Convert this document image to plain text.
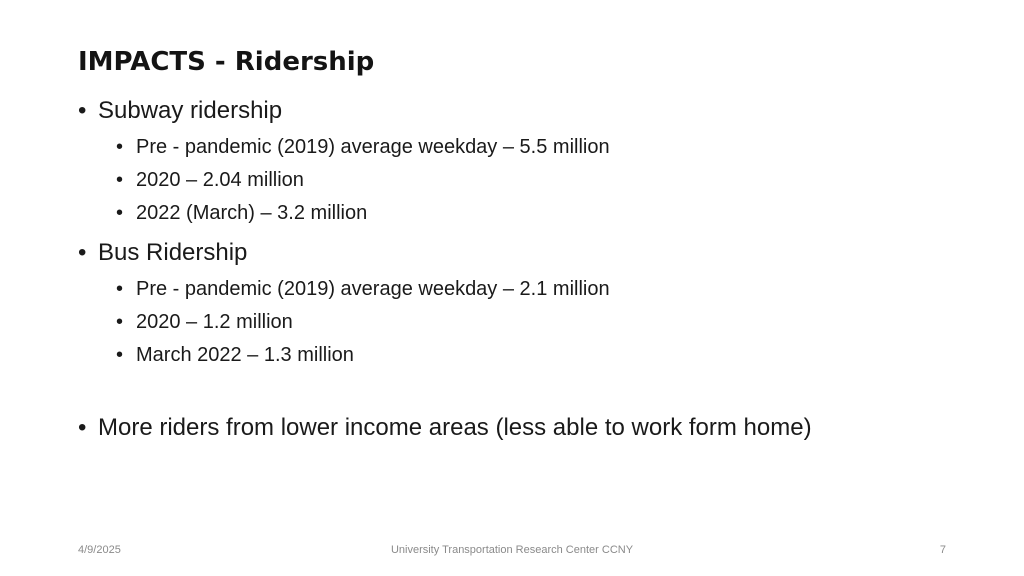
IMPACTS - Ridership
• Subway ridership
• Pre - pandemic (2019) average weekday – 5.5 million
• 2020 – 2.04 million
• 2022 (March) – 3.2 million
• Bus Ridership
• Pre - pandemic (2019) average weekday – 2.1 million
• 2020 – 1.2 million
• March 2022 – 1.3 million
• More riders from lower income areas (less able to work form home)
4/9/2025	University Transportation Research Center CCNY	7
